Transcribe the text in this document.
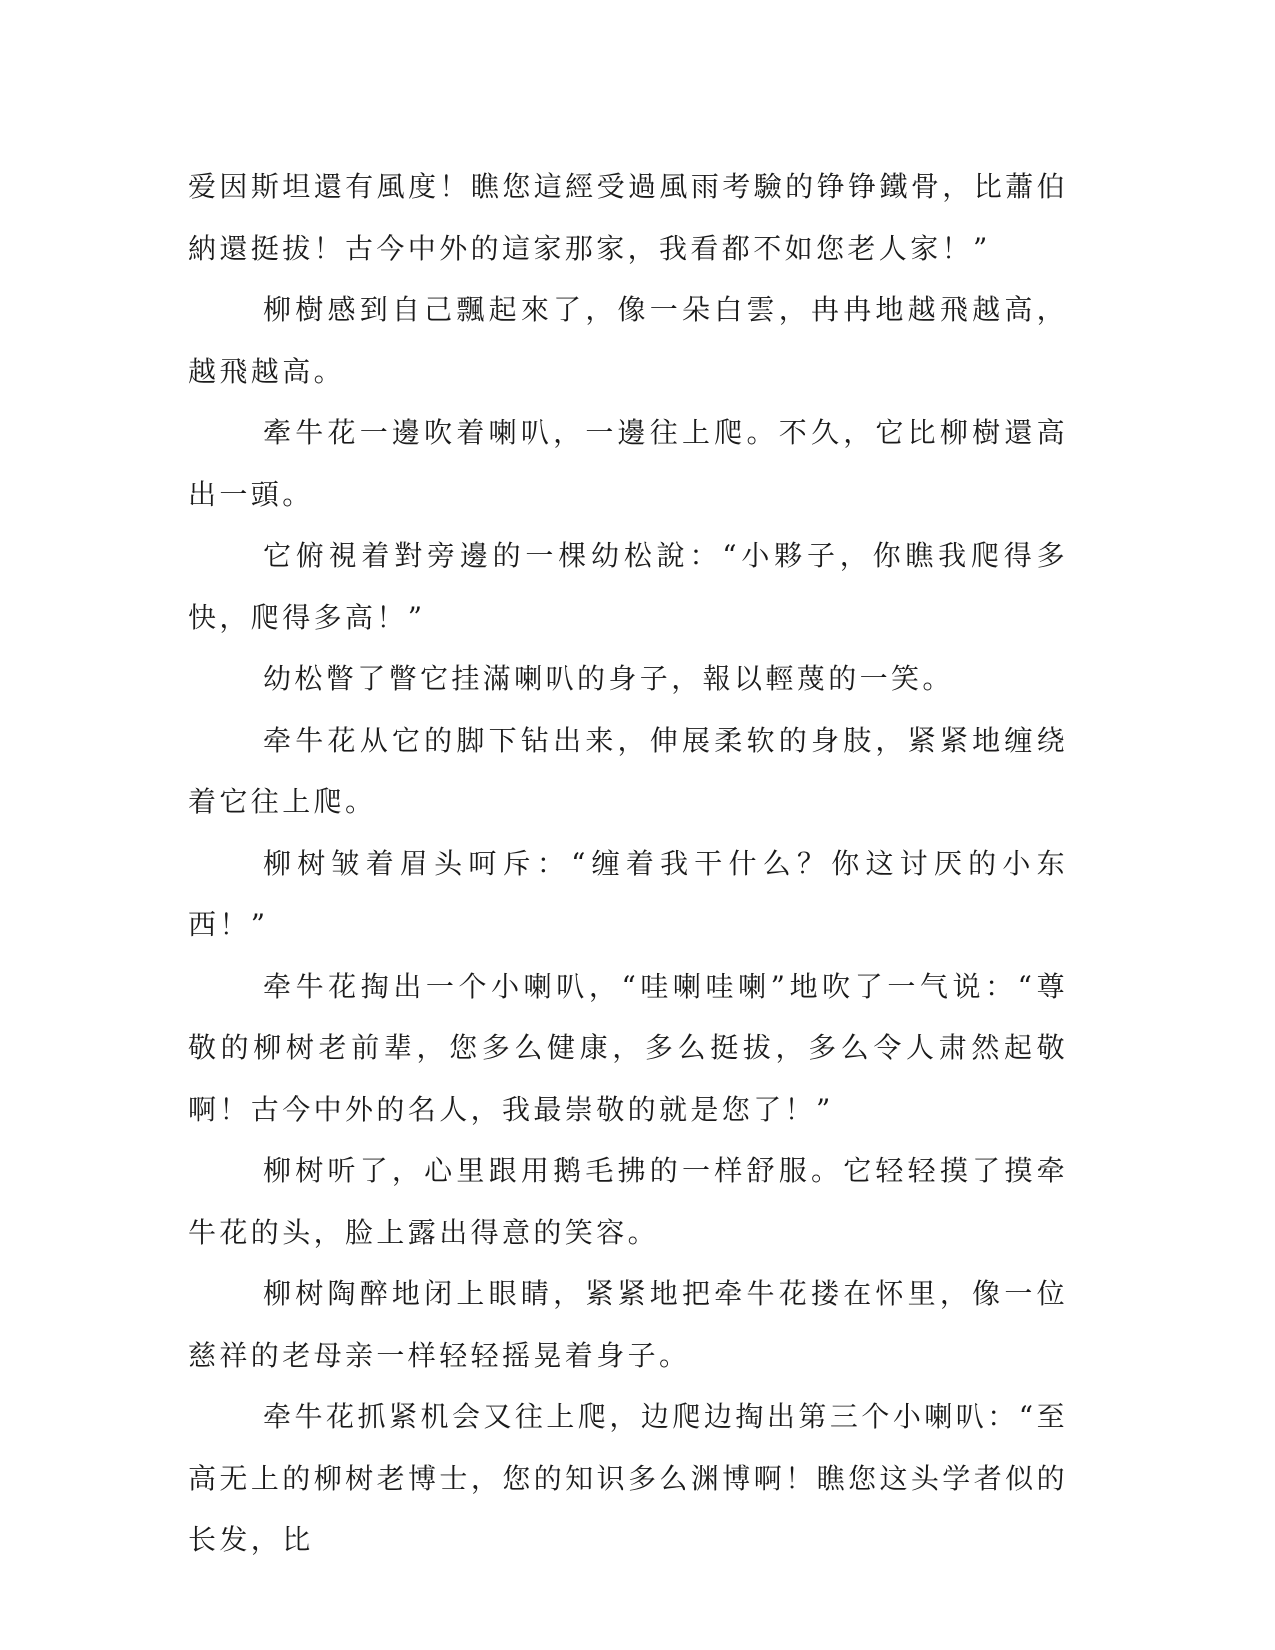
爱因斯坦還有風度！瞧您這經受過風雨考驗的铮铮鐵骨，比蕭伯納還挺拔！古今中外的這家那家，我看都不如您老人家！”

柳樹感到自己飄起來了，像一朵白雲，冉冉地越飛越高，越飛越高。

牽牛花一邊吹着喇叭，一邊往上爬。不久，它比柳樹還高出一頭。

它俯視着對旁邊的一棵幼松說：“小夥子，你瞧我爬得多快，爬得多高！”

幼松瞥了瞥它挂滿喇叭的身子，報以輕蔑的一笑。

牵牛花从它的脚下钻出来，伸展柔软的身肢，紧紧地缠绕着它往上爬。

柳树皱着眉头呵斥：“缠着我干什么？你这讨厌的小东西！”

牵牛花掏出一个小喇叭，“哇喇哇喇”地吹了一气说：“尊敬的柳树老前辈，您多么健康，多么挺拔，多么令人肃然起敬啊！古今中外的名人，我最崇敬的就是您了！”

柳树听了，心里跟用鹅毛拂的一样舒服。它轻轻摸了摸牵牛花的头，脸上露出得意的笑容。

柳树陶醉地闭上眼睛，紧紧地把牵牛花搂在怀里，像一位慈祥的老母亲一样轻轻摇晃着身子。

牵牛花抓紧机会又往上爬，边爬边掏出第三个小喇叭：“至高无上的柳树老博士，您的知识多么渊博啊！瞧您这头学者似的长发，比
